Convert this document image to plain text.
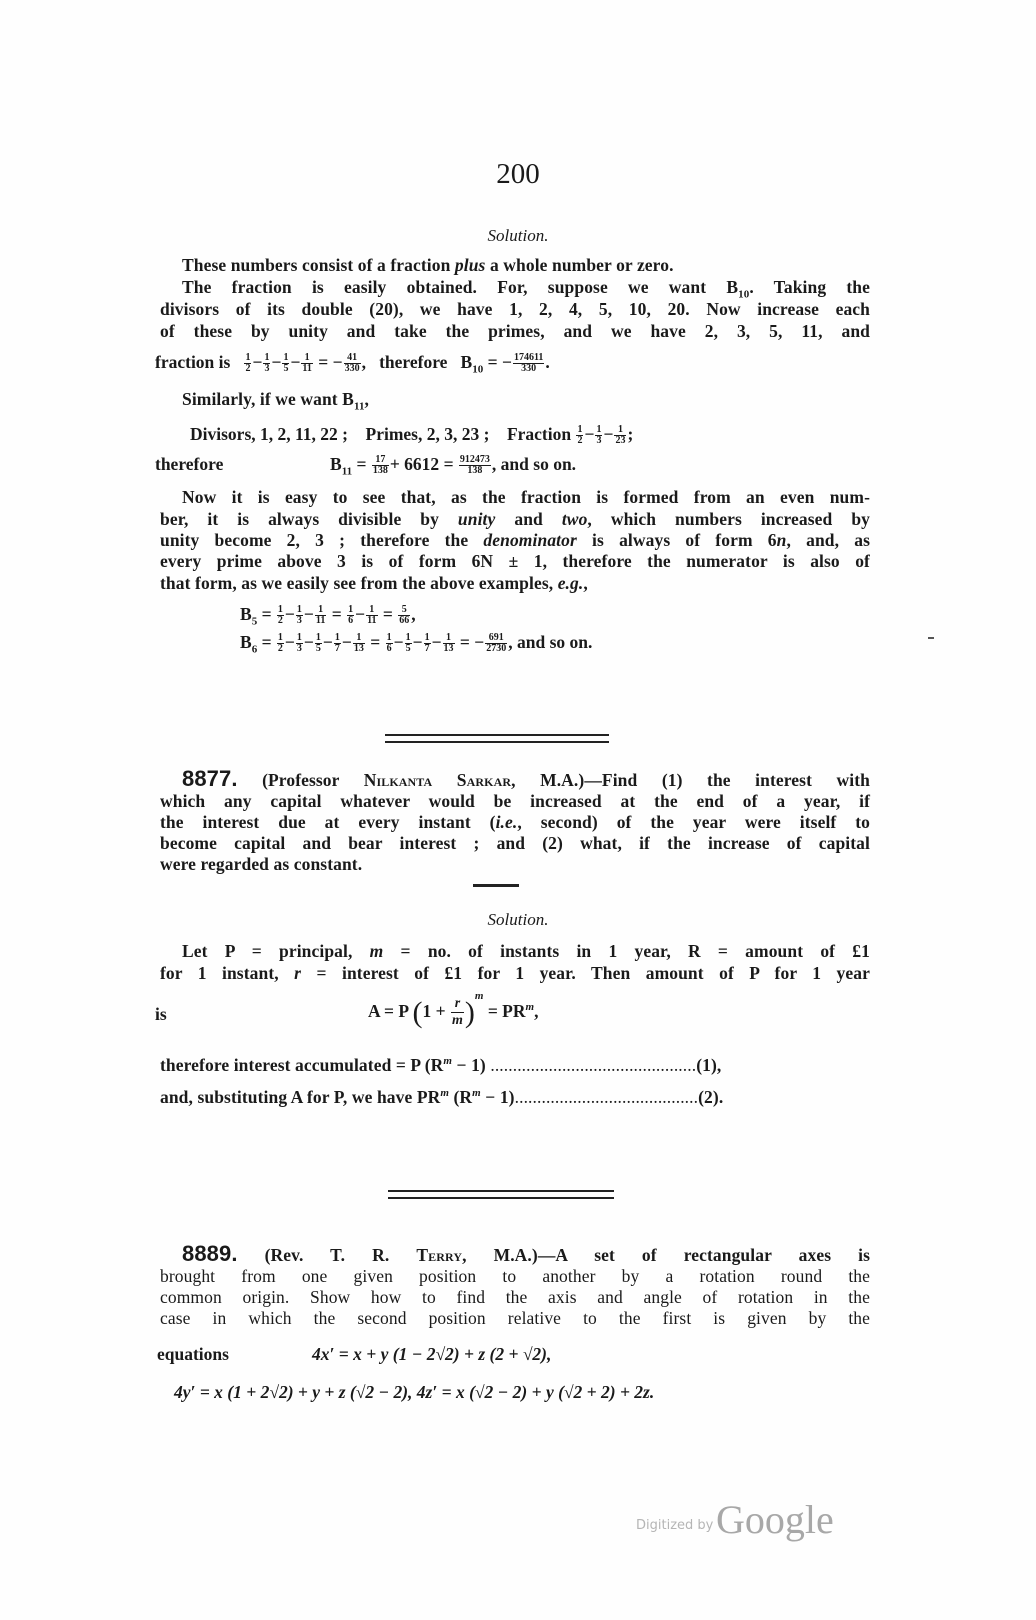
200
Solution.
These numbers consist of a fraction plus a whole number or zero.
The fraction is easily obtained. For, suppose we want $B_{10}$. Taking the
divisors of its double (20), we have 1, 2, 4, 5, 10, 20. Now increase each
of these by unity and take the primes, and we have 2, 3, 5, 11, and
fraction is $\frac{1}{2} - \frac{1}{3} - \frac{1}{5} - \frac{1}{11}$ = − $\frac{41}{330}$ ,   therefore $B_{10}$ = − $\frac{174611}{330}$ .
Similarly, if we want $B_{11}$,
Divisors, 1, 2, 11, 22 ; Primes, 2, 3, 23 ; Fraction $\frac{1}{2} - \frac{1}{3} - \frac{1}{23}$ ;
therefore	$B_{11} = \frac{17}{138} + 6612 = \frac{912473}{138}$ , and so on.
Now it is easy to see that, as the fraction is formed from an even num-
ber, it is always divisible by unity and two, which numbers increased by
unity become 2, 3 ; therefore the denominator is always of form 6n, and, as
every prime above 3 is of form 6N ± 1, therefore the numerator is also of
that form, as we easily see from the above examples, e.g.,
$B_5 = \frac{1}{2} - \frac{1}{3} - \frac{1}{11} = \frac{1}{6} - \frac{1}{11} = \frac{5}{66}$ ,
$B_6 = \frac{1}{2} - \frac{1}{3} - \frac{1}{5} - \frac{1}{7} - \frac{1}{13} = \frac{1}{6} - \frac{1}{5} - \frac{1}{7} - \frac{1}{13}$ = − $\frac{691}{2730}$ , and so on.
8877. (Professor Nilkanta Sarkar, M.A.)—Find (1) the interest with
which any capital whatever would be increased at the end of a year, if
the interest due at every instant (i.e., second) of the year were itself to
become capital and bear interest ; and (2) what, if the increase of capital
were regarded as constant.
Solution.
Let P = principal, m = no. of instants in 1 year, R = amount of £1
for 1 instant, r = interest of £1 for 1 year. Then amount of P for 1 year
is	A = P $(1 + \frac{r}{m} )^m = PR^m$,
therefore interest accumulated = P $(R^m - 1)$ ..............................................(1),
and, substituting A for P, we have $PR^m$ $(R^m - 1).........................................(2)$.
8889. (Rev. T. R. Terry, M.A.)—A set of rectangular axes is
brought from one given position to another by a rotation round the
common origin. Show how to find the axis and angle of rotation in the
case in which the second position relative to the first is given by the
equations	4x′ = x + y (1 − 2√2) + z (2 + √2),
4y′ = x (1 + 2√2) + y + z (√2 − 2), 4z′ = x (√2 − 2) + y (√2 + 2) + 2z.
Digitized by Google
